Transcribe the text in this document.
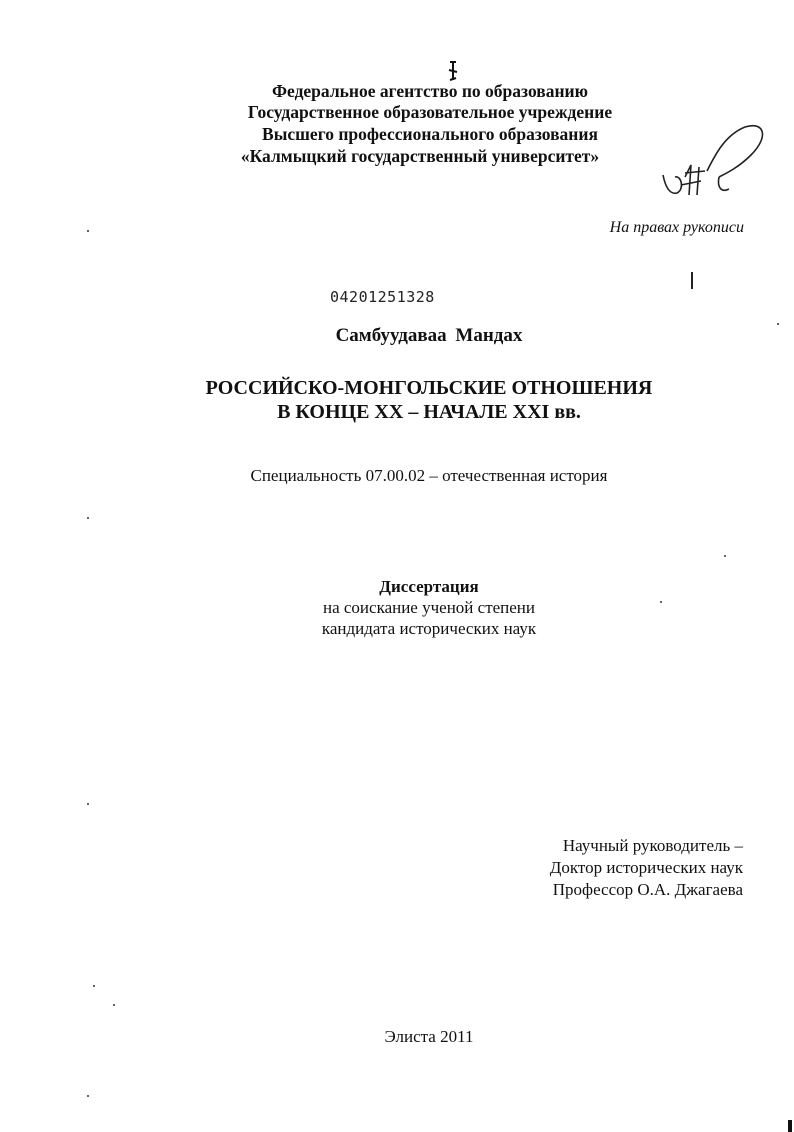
Федеральное агентство по образованию
Государственное образовательное учреждение
Высшего профессионального образования
«Калмыцкий государственный университет»
На правах рукописи
04201251328
Самбуудаваа Мандах
РОССИЙСКО-МОНГОЛЬСКИЕ ОТНОШЕНИЯ
В КОНЦЕ XX – НАЧАЛЕ XXI вв.
Специальность 07.00.02 – отечественная история
Диссертация
на соискание ученой степени
кандидата исторических наук
Научный руководитель –
Доктор исторических наук
Профессор О.А. Джагаева
Элиста 2011
